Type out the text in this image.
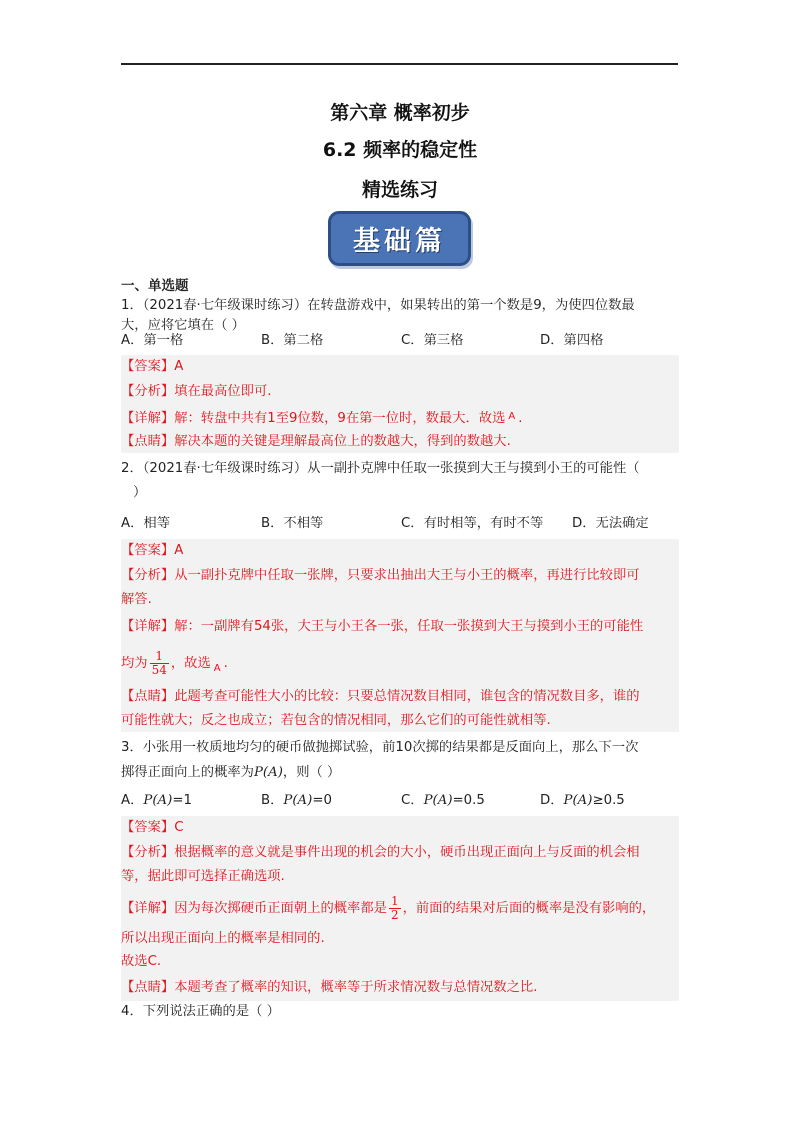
第六章 概率初步
6.2 频率的稳定性
精选练习
基础篇
一、单选题
1．（2021春·七年级课时练习）在转盘游戏中，如果转出的第一个数是9，为使四位数最
大，应将它填在（ ）
A．第一格	B．第二格	C．第三格	D．第四格
【答案】A
【分析】填在最高位即可.
【详解】解：转盘中共有1至9位数，9在第一位时，数最大．故选 $^A$ .
【点睛】解决本题的关键是理解最高位上的数越大，得到的数越大.
2．（2021春·七年级课时练习）从一副扑克牌中任取一张摸到大王与摸到小王的可能性（
）
A．相等	B．不相等	C．有时相等，有时不等 D．无法确定
【答案】A
【分析】从一副扑克牌中任取一张牌，只要求出抽出大王与小王的概率，再进行比较即可
解答.
【详解】解：一副牌有54张，大王与小王各一张，任取一张摸到大王与摸到小王的可能性
均为 $\frac{1}{54}$ ，故选 A .
【点睛】此题考查可能性大小的比较：只要总情况数目相同，谁包含的情况数目多，谁的
可能性就大；反之也成立；若包含的情况相同，那么它们的可能性就相等.
3．小张用一枚质地均匀的硬币做抛掷试验，前10次掷的结果都是反面向上，那么下一次
掷得正面向上的概率为P(A)，则（ ）
A．P(A)=1	B．P(A)=0	C．P(A)=0.5	D．P(A)≥0.5
【答案】C
【分析】根据概率的意义就是事件出现的机会的大小，硬币出现正面向上与反面的机会相
等，据此即可选择正确选项.
【详解】因为每次掷硬币正面朝上的概率都是 $\frac{1}{2}$ ，前面的结果对后面的概率是没有影响的，
所以出现正面向上的概率是相同的.
故选C.
【点睛】本题考查了概率的知识，概率等于所求情况数与总情况数之比.
4．下列说法正确的是（ ）
